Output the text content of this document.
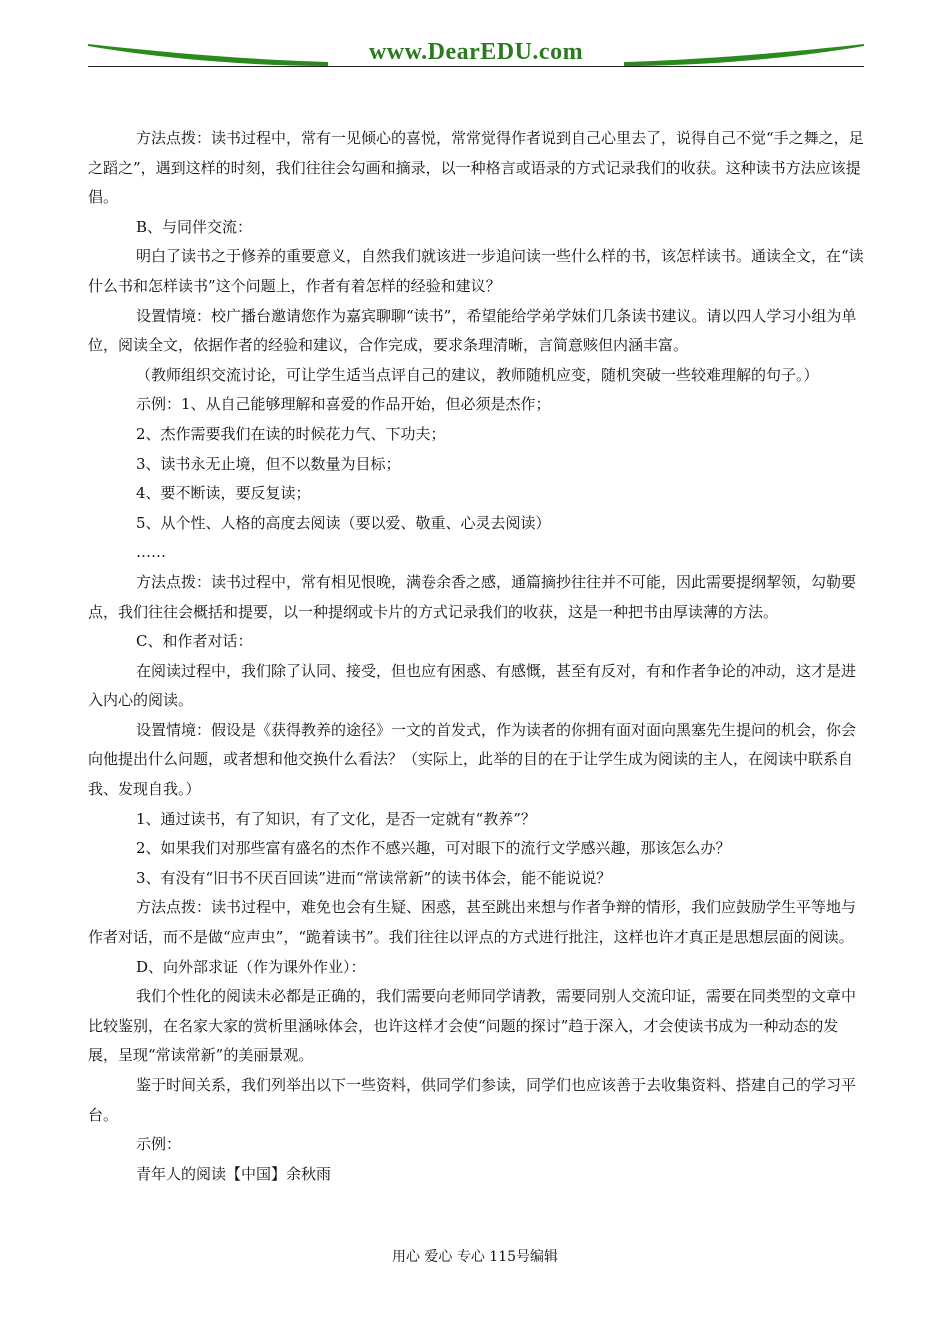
www.DearEDU.com

方法点拨：读书过程中，常有一见倾心的喜悦，常常觉得作者说到自己心里去了，说得自己不觉“手之舞之，足之蹈之”，遇到这样的时刻，我们往往会勾画和摘录，以一种格言或语录的方式记录我们的收获。这种读书方法应该提倡。

B、与同伴交流：

明白了读书之于修养的重要意义，自然我们就该进一步追问读一些什么样的书，该怎样读书。通读全文，在“读什么书和怎样读书”这个问题上，作者有着怎样的经验和建议？

设置情境：校广播台邀请您作为嘉宾聊聊“读书”，希望能给学弟学妹们几条读书建议。请以四人学习小组为单位，阅读全文，依据作者的经验和建议，合作完成，要求条理清晰，言简意赅但内涵丰富。

（教师组织交流讨论，可让学生适当点评自己的建议，教师随机应变，随机突破一些较难理解的句子。）

示例：1、从自己能够理解和喜爱的作品开始，但必须是杰作；

2、杰作需要我们在读的时候花力气、下功夫；

3、读书永无止境，但不以数量为目标；

4、要不断读，要反复读；

5、从个性、人格的高度去阅读（要以爱、敬重、心灵去阅读）

……

方法点拨：读书过程中，常有相见恨晚，满卷余香之感，通篇摘抄往往并不可能，因此需要提纲挈领，勾勒要点，我们往往会概括和提要，以一种提纲或卡片的方式记录我们的收获，这是一种把书由厚读薄的方法。

C、和作者对话：

在阅读过程中，我们除了认同、接受，但也应有困惑、有感慨，甚至有反对，有和作者争论的冲动，这才是进入内心的阅读。

设置情境：假设是《获得教养的途径》一文的首发式，作为读者的你拥有面对面向黑塞先生提问的机会，你会向他提出什么问题，或者想和他交换什么看法？（实际上，此举的目的在于让学生成为阅读的主人，在阅读中联系自我、发现自我。）

1、通过读书，有了知识，有了文化，是否一定就有“教养”？

2、如果我们对那些富有盛名的杰作不感兴趣，可对眼下的流行文学感兴趣，那该怎么办？

3、有没有“旧书不厌百回读”进而“常读常新”的读书体会，能不能说说？

方法点拨：读书过程中，难免也会有生疑、困惑，甚至跳出来想与作者争辩的情形，我们应鼓励学生平等地与作者对话，而不是做“应声虫”，“跪着读书”。我们往往以评点的方式进行批注，这样也许才真正是思想层面的阅读。

D、向外部求证（作为课外作业）：

我们个性化的阅读未必都是正确的，我们需要向老师同学请教，需要同别人交流印证，需要在同类型的文章中比较鉴别，在名家大家的赏析里涵咏体会，也许这样才会使“问题的探讨”趋于深入，才会使读书成为一种动态的发展，呈现“常读常新”的美丽景观。

鉴于时间关系，我们列举出以下一些资料，供同学们参读，同学们也应该善于去收集资料、搭建自己的学习平台。

示例：

青年人的阅读【中国】余秋雨

用心 爱心 专心 115号编辑
